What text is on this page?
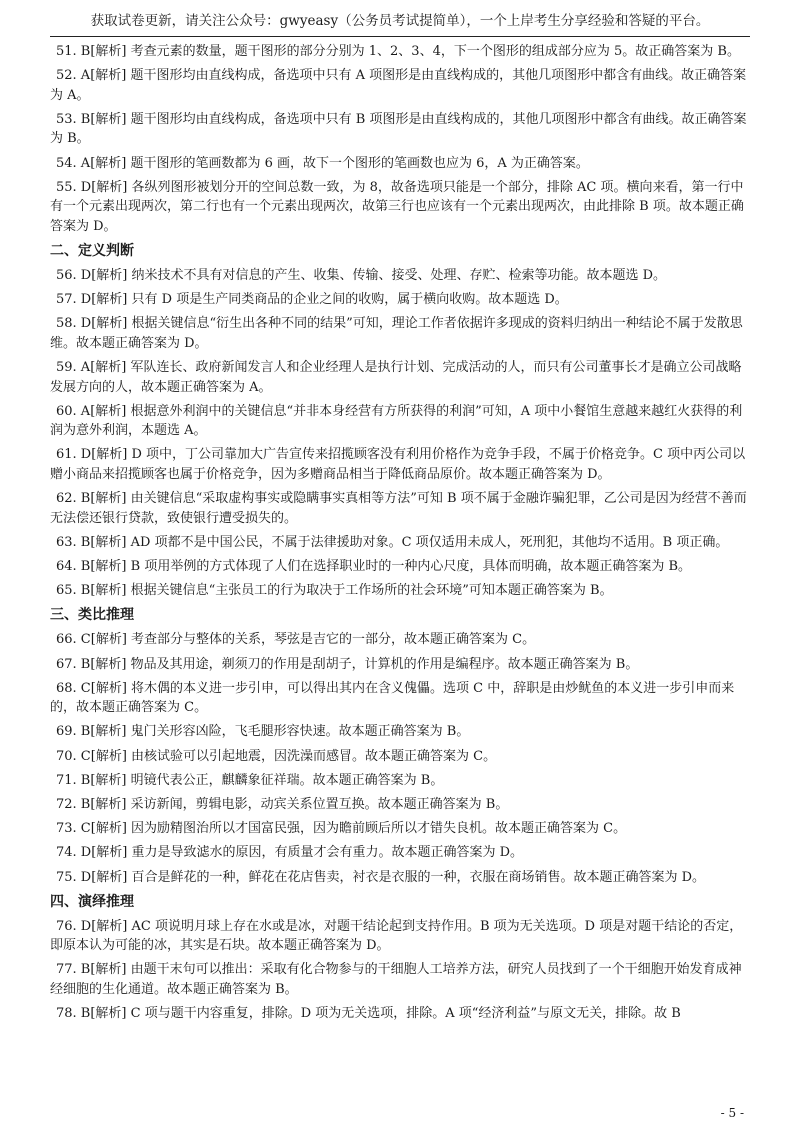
获取试卷更新，请关注公众号：gwyeasy（公务员考试提简单），一个上岸考生分享经验和答疑的平台。
51. B[解析] 考查元素的数量，题干图形的部分分别为 1、2、3、4，下一个图形的组成部分应为 5。故正确答案为 B。
52. A[解析] 题干图形均由直线构成，备选项中只有 A 项图形是由直线构成的，其他几项图形中都含有曲线。故正确答案为 A。
53. B[解析] 题干图形均由直线构成，备选项中只有 B 项图形是由直线构成的，其他几项图形中都含有曲线。故正确答案为 B。
54. A[解析] 题干图形的笔画数都为 6 画，故下一个图形的笔画数也应为 6，A 为正确答案。
55. D[解析] 各纵列图形被划分开的空间总数一致，为 8，故备选项只能是一个部分，排除 AC 项。横向来看，第一行中有一个元素出现两次，第二行也有一个元素出现两次，故第三行也应该有一个元素出现两次，由此排除 B 项。故本题正确答案为 D。
二、定义判断
56. D[解析] 纳米技术不具有对信息的产生、收集、传输、接受、处理、存贮、检索等功能。故本题选 D。
57. D[解析] 只有 D 项是生产同类商品的企业之间的收购，属于横向收购。故本题选 D。
58. D[解析] 根据关键信息“衍生出各种不同的结果”可知，理论工作者依据许多现成的资料归纳出一种结论不属于发散思维。故本题正确答案为 D。
59. A[解析] 军队连长、政府新闻发言人和企业经理人是执行计划、完成活动的人，而只有公司董事长才是确立公司战略发展方向的人，故本题正确答案为 A。
60. A[解析] 根据意外利润中的关键信息“并非本身经营有方所获得的利润”可知，A 项中小餐馆生意越来越红火获得的利润为意外利润，本题选 A。
61. D[解析] D 项中，丁公司靠加大广告宣传来招揽顾客没有利用价格作为竞争手段，不属于价格竞争。C 项中丙公司以赠小商品来招揽顾客也属于价格竞争，因为多赠商品相当于降低商品原价。故本题正确答案为 D。
62. B[解析] 由关键信息“采取虚构事实或隐瞒事实真相等方法”可知 B 项不属于金融诈骗犯罪，乙公司是因为经营不善而无法偿还银行贷款，致使银行遭受损失的。
63. B[解析] AD 项都不是中国公民，不属于法律援助对象。C 项仅适用未成人，死刑犯，其他均不适用。B 项正确。
64. B[解析] B 项用举例的方式体现了人们在选择职业时的一种内心尺度，具体而明确，故本题正确答案为 B。
65. B[解析] 根据关键信息“主张员工的行为取决于工作场所的社会环境”可知本题正确答案为 B。
三、类比推理
66. C[解析] 考查部分与整体的关系，琴弦是吉它的一部分，故本题正确答案为 C。
67. B[解析] 物品及其用途，剃须刀的作用是刮胡子，计算机的作用是编程序。故本题正确答案为 B。
68. C[解析] 将木偶的本义进一步引申，可以得出其内在含义傀儡。选项 C 中，辞职是由炒鱿鱼的本义进一步引申而来的，故本题正确答案为 C。
69. B[解析] 鬼门关形容凶险，飞毛腿形容快速。故本题正确答案为 B。
70. C[解析] 由核试验可以引起地震，因洗澡而感冒。故本题正确答案为 C。
71. B[解析] 明镜代表公正，麒麟象征祥瑞。故本题正确答案为 B。
72. B[解析] 采访新闻，剪辑电影，动宾关系位置互换。故本题正确答案为 B。
73. C[解析] 因为励精图治所以才国富民强，因为瞻前顾后所以才错失良机。故本题正确答案为 C。
74. D[解析] 重力是导致滤水的原因，有质量才会有重力。故本题正确答案为 D。
75. D[解析] 百合是鲜花的一种，鲜花在花店售卖，衬衣是衣服的一种，衣服在商场销售。故本题正确答案为 D。
四、演绎推理
76. D[解析] AC 项说明月球上存在水或是冰，对题干结论起到支持作用。B 项为无关选项。D 项是对题干结论的否定，即原本认为可能的冰，其实是石块。故本题正确答案为 D。
77. B[解析] 由题干末句可以推出：采取有化合物参与的干细胞人工培养方法，研究人员找到了一个干细胞开始发育成神经细胞的生化通道。故本题正确答案为 B。
78. B[解析] C 项与题干内容重复，排除。D 项为无关选项，排除。A 项“经济利益”与原文无关，排除。故 B
- 5 -
